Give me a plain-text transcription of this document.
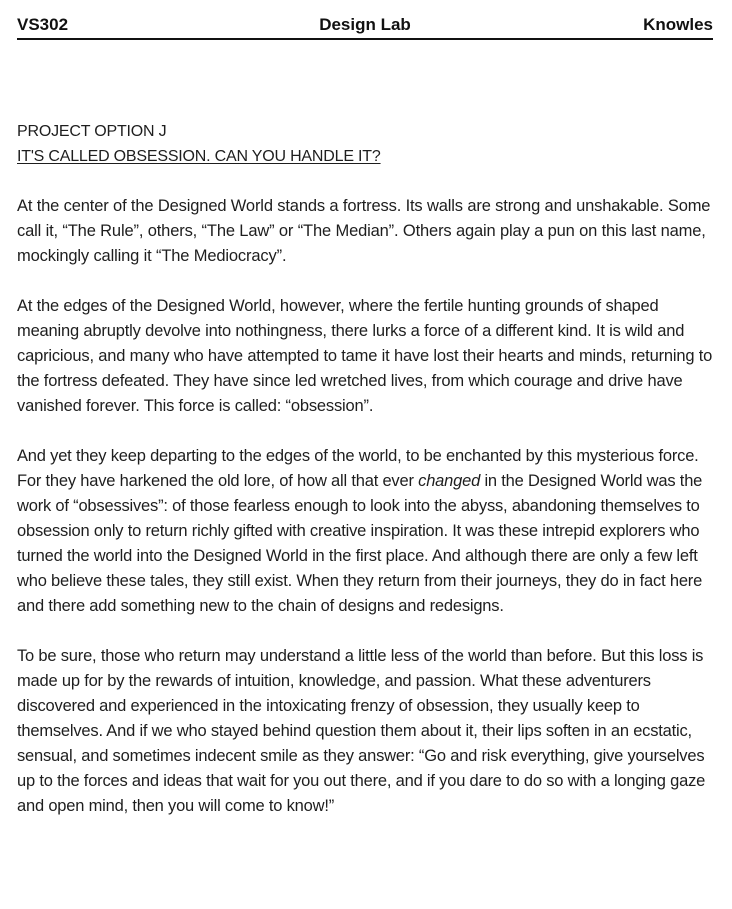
VS302	Design Lab	Knowles
PROJECT OPTION J
IT'S CALLED OBSESSION. CAN YOU HANDLE IT?

At the center of the Designed World stands a fortress. Its walls are strong and unshakable. Some call it, “The Rule”, others, “The Law” or “The Median”. Others again play a pun on this last name, mockingly calling it “The Mediocracy”.

At the edges of the Designed World, however, where the fertile hunting grounds of shaped meaning abruptly devolve into nothingness, there lurks a force of a different kind. It is wild and capricious, and many who have attempted to tame it have lost their hearts and minds, returning to the fortress defeated. They have since led wretched lives, from which courage and drive have vanished forever. This force is called: “obsession”.

And yet they keep departing to the edges of the world, to be enchanted by this mysterious force. For they have harkened the old lore, of how all that ever changed in the Designed World was the work of “obsessives”: of those fearless enough to look into the abyss, abandoning themselves to obsession only to return richly gifted with creative inspiration. It was these intrepid explorers who turned the world into the Designed World in the first place. And although there are only a few left who believe these tales, they still exist. When they return from their journeys, they do in fact here and there add something new to the chain of designs and redesigns.

To be sure, those who return may understand a little less of the world than before. But this loss is made up for by the rewards of intuition, knowledge, and passion. What these adventurers discovered and experienced in the intoxicating frenzy of obsession, they usually keep to themselves. And if we who stayed behind question them about it, their lips soften in an ecstatic, sensual, and sometimes indecent smile as they answer: “Go and risk everything, give yourselves up to the forces and ideas that wait for you out there, and if you dare to do so with a longing gaze and open mind, then you will come to know!”
